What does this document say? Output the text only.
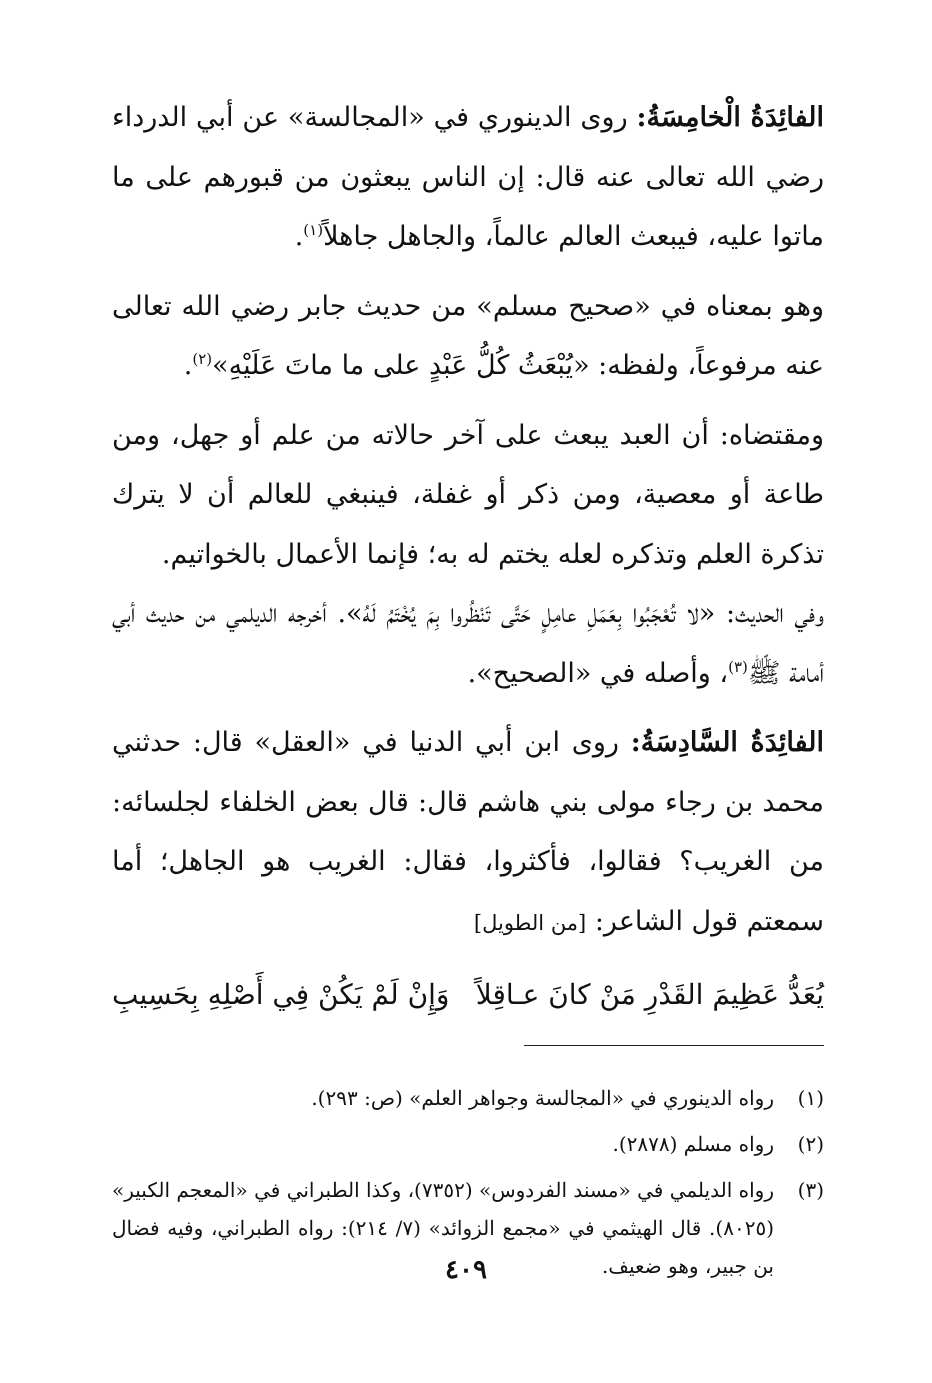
الفائِدَةُ الْخامِسَةُ: روى الدينوري في «المجالسة» عن أبي الدرداء رضي الله تعالى عنه قال: إن الناس يبعثون من قبورهم على ما ماتوا عليه، فيبعث العالم عالماً، والجاهل جاهلاً$^{(١)}$.

وهو بمعناه في «صحيح مسلم» من حديث جابر رضي الله تعالى عنه مرفوعاً، ولفظه: «يُبْعَثُ كُلُّ عَبْدٍ على ما ماتَ عَلَيْهِ»$^{(٢)}$.

ومقتضاه: أن العبد يبعث على آخر حالاته من علم أو جهل، ومن طاعة أو معصية، ومن ذكر أو غفلة، فينبغي للعالم أن لا يترك تذكرة العلم وتذكره لعله يختم له به؛ فإنما الأعمال بالخواتيم.

وفي الحديث: «لا تُعْجَبُوا بِعَمَلِ عامِلٍ حَتَّى تَنْظُروا بِمَ يُخْتَمُ لَهُ». أخرجه الديلمي من حديث أبي أمامة ﷺ$^{(٣)}$، وأصله في «الصحيح».

الفائِدَةُ السَّادِسَةُ: روى ابن أبي الدنيا في «العقل» قال: حدثني محمد بن رجاء مولى بني هاشم قال: قال بعض الخلفاء لجلسائه: من الغريب؟ فقالوا، فأكثروا، فقال: الغريب هو الجاهل؛ أما سمعتم قول الشاعر: [من الطويل]

يُعَدُّ عَظِيمَ القَدْرِ مَنْ كانَ عـاقِلاً
وَإِنْ لَمْ يَكُنْ فِي أَصْلِهِ بِحَسِيبِ
(١)
رواه الدينوري في «المجالسة وجواهر العلم» (ص: ٢٩٣).
(٢)
رواه مسلم (٢٨٧٨).
(٣)
رواه الديلمي في «مسند الفردوس» (٧٣٥٢)، وكذا الطبراني في «المعجم الكبير» (٨٠٢٥). قال الهيثمي في «مجمع الزوائد» (٧/ ٢١٤): رواه الطبراني، وفيه فضال بن جبير، وهو ضعيف.
٤٠٩
